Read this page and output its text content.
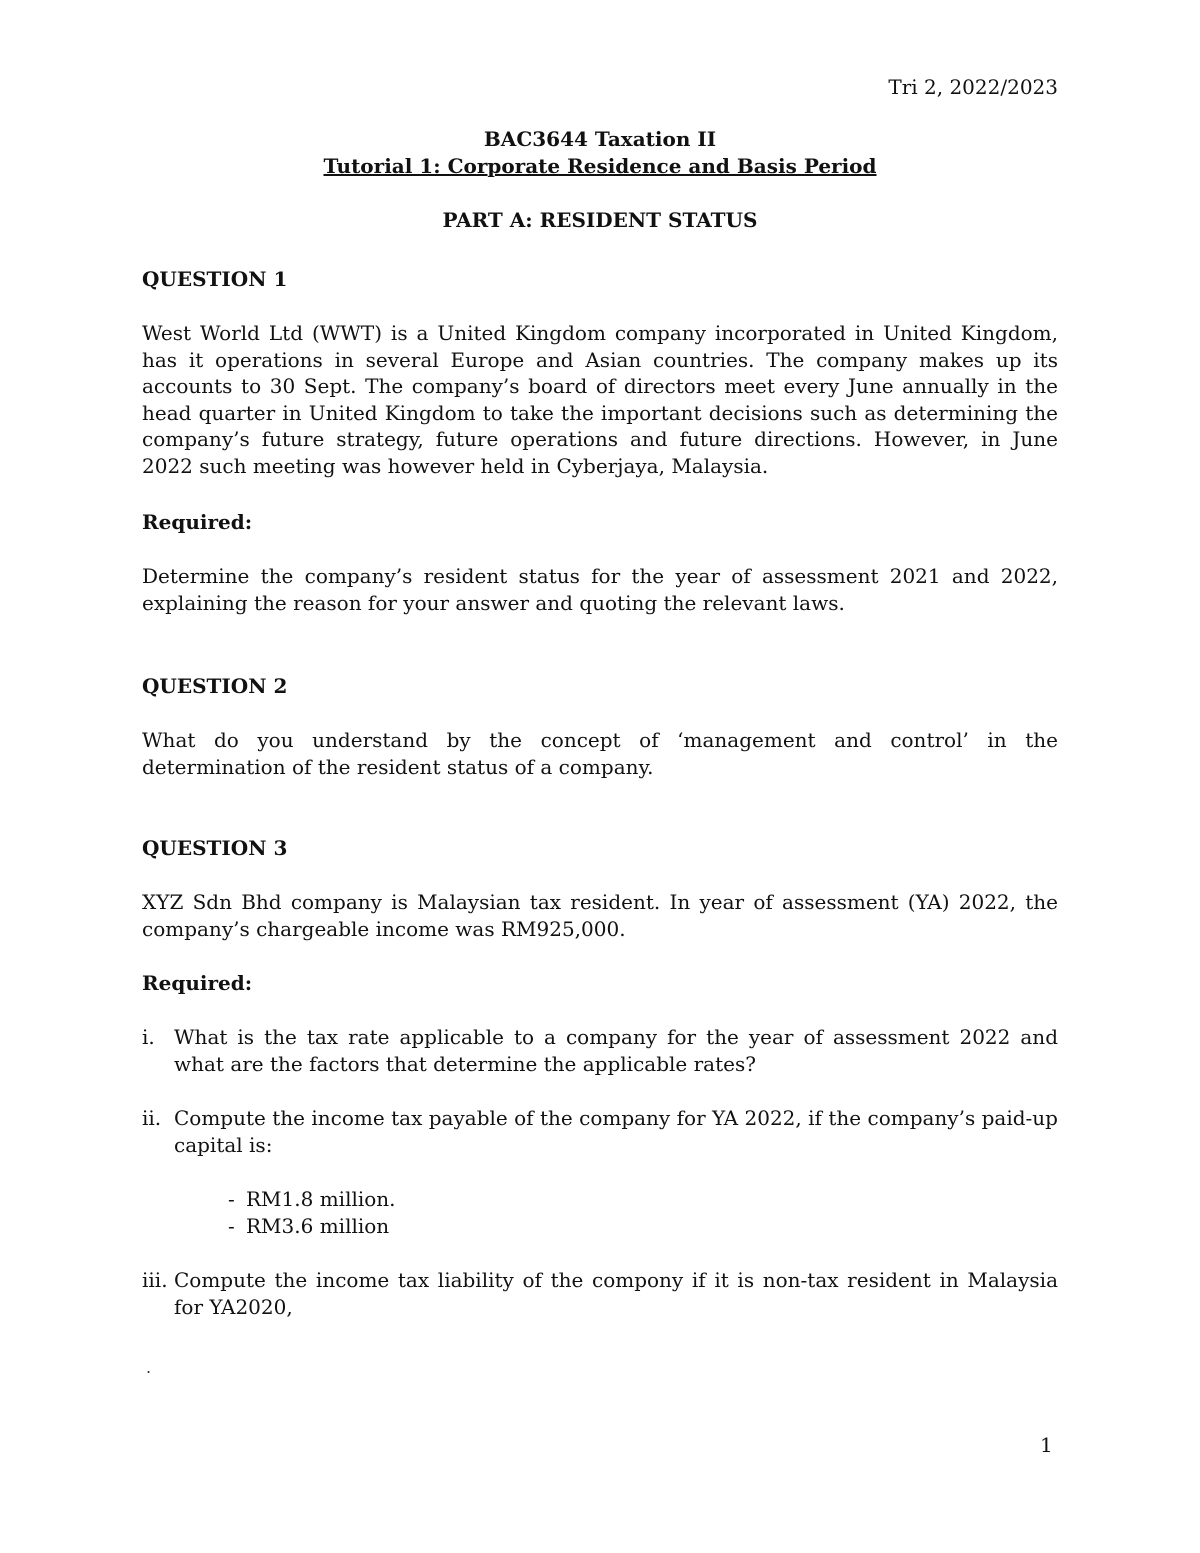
Tri 2, 2022/2023
BAC3644 Taxation II
Tutorial 1: Corporate Residence and Basis Period
PART A: RESIDENT STATUS
QUESTION 1

West World Ltd (WWT) is a United Kingdom company incorporated in United Kingdom, has it operations in several Europe and Asian countries. The company makes up its accounts to 30 Sept. The company’s board of directors meet every June annually in the head quarter in United Kingdom to take the important decisions such as determining the company’s future strategy, future operations and future directions. However, in June 2022 such meeting was however held in Cyberjaya, Malaysia.

Required:

Determine the company’s resident status for the year of assessment 2021 and 2022, explaining the reason for your answer and quoting the relevant laws.

QUESTION 2

What do you understand by the concept of ‘management and control’ in the determination of the resident status of a company.

QUESTION 3

XYZ Sdn Bhd company is Malaysian tax resident. In year of assessment (YA) 2022, the company’s chargeable income was RM925,000.

Required:
i. What is the tax rate applicable to a company for the year of assessment 2022 and what are the factors that determine the applicable rates?
ii. Compute the income tax payable of the company for YA 2022, if the company’s paid-up capital is:
- RM1.8 million.
- RM3.6 million
iii. Compute the income tax liability of the compony if it is non-tax resident in Malaysia for YA2020,
.
1
